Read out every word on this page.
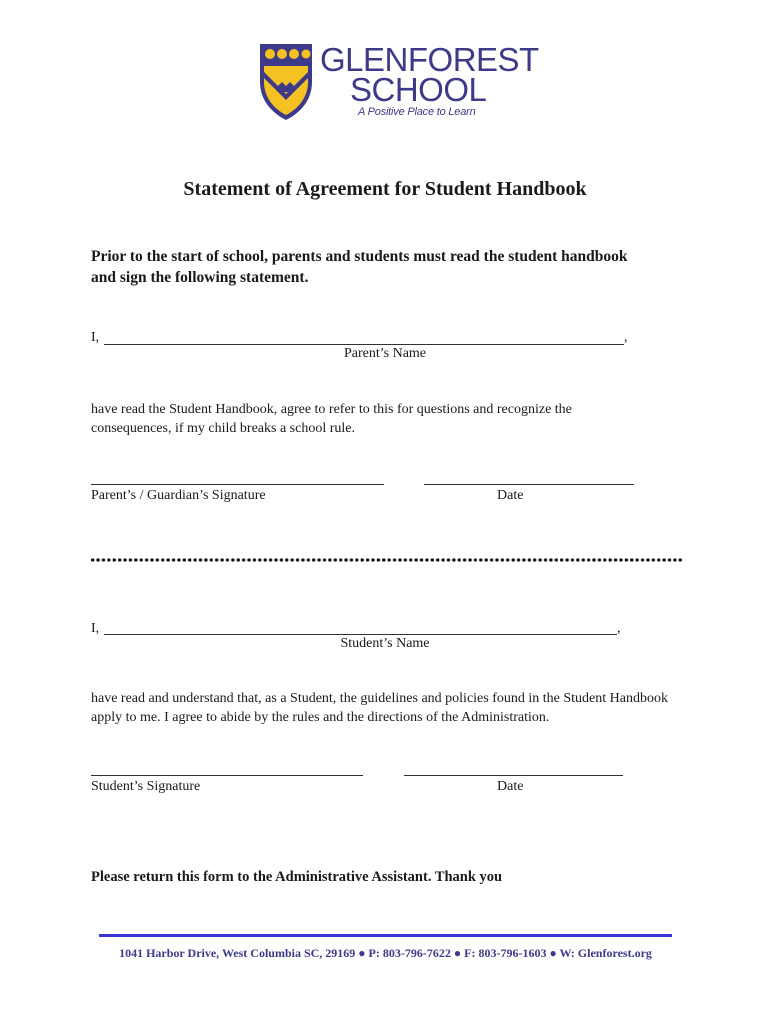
GLENFOREST
SCHOOL
A Positive Place to Learn
Statement of Agreement for Student Handbook
Prior to the start of school, parents and students must read the student handbook and sign the following statement.
I,	,
Parent’s Name
have read the Student Handbook, agree to refer to this for questions and recognize the consequences, if my child breaks a school rule.
Parent’s / Guardian’s Signature	Date
I,	,
Student’s Name
have read and understand that, as a Student, the guidelines and policies found in the Student Handbook apply to me. I agree to abide by the rules and the directions of the Administration.
Student’s Signature	Date
Please return this form to the Administrative Assistant. Thank you
1041 Harbor Drive, West Columbia SC, 29169 ● P: 803-796-7622 ● F: 803-796-1603 ● W: Glenforest.org
